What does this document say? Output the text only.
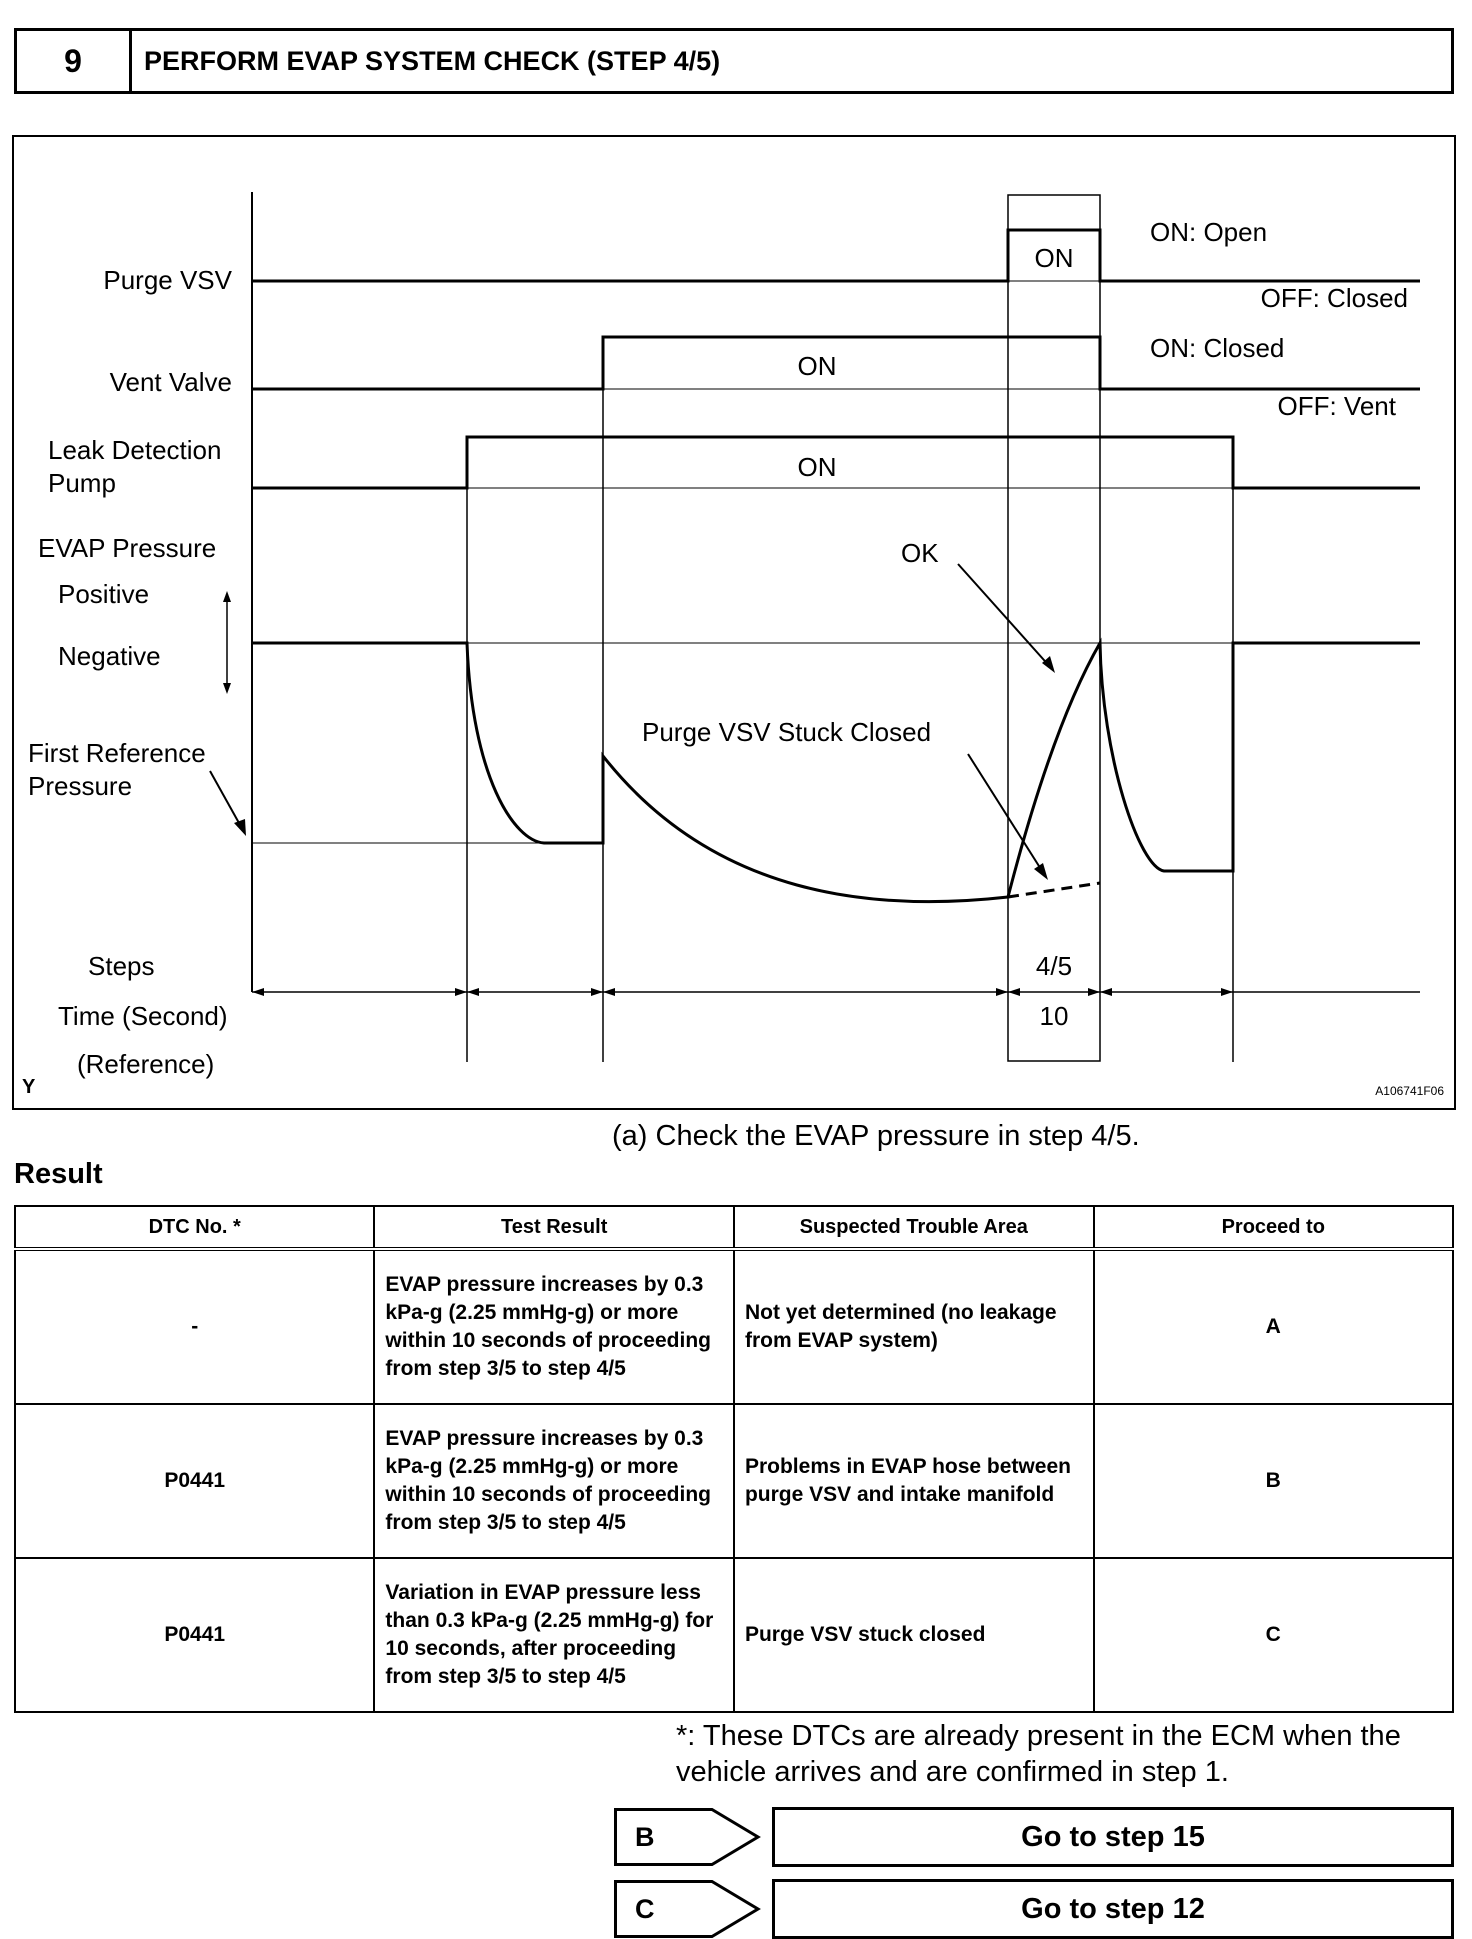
9	PERFORM EVAP SYSTEM CHECK (STEP 4/5)
Purge VSV
Vent Valve
Leak Detection
Pump
EVAP Pressure
Positive
Negative
First Reference
Pressure
Steps
Time (Second)
(Reference)
ON
ON
ON
ON: Open
OFF: Closed
ON: Closed
OFF: Vent
OK
Purge VSV Stuck Closed
4/5
10
Y	A106741F06
(a) Check the EVAP pressure in step 4/5.
Result
DTC No. *	Test Result	Suspected Trouble Area	Proceed to
-	EVAP pressure increases by 0.3 kPa-g (2.25 mmHg-g) or more within 10 seconds of proceeding from step 3/5 to step 4/5	Not yet determined (no leakage from EVAP system)	A
P0441	EVAP pressure increases by 0.3 kPa-g (2.25 mmHg-g) or more within 10 seconds of proceeding from step 3/5 to step 4/5	Problems in EVAP hose between purge VSV and intake manifold	B
P0441	Variation in EVAP pressure less than 0.3 kPa-g (2.25 mmHg-g) for 10 seconds, after proceeding from step 3/5 to step 4/5	Purge VSV stuck closed	C
*: These DTCs are already present in the ECM when the vehicle arrives and are confirmed in step 1.
B	Go to step 15
C	Go to step 12
